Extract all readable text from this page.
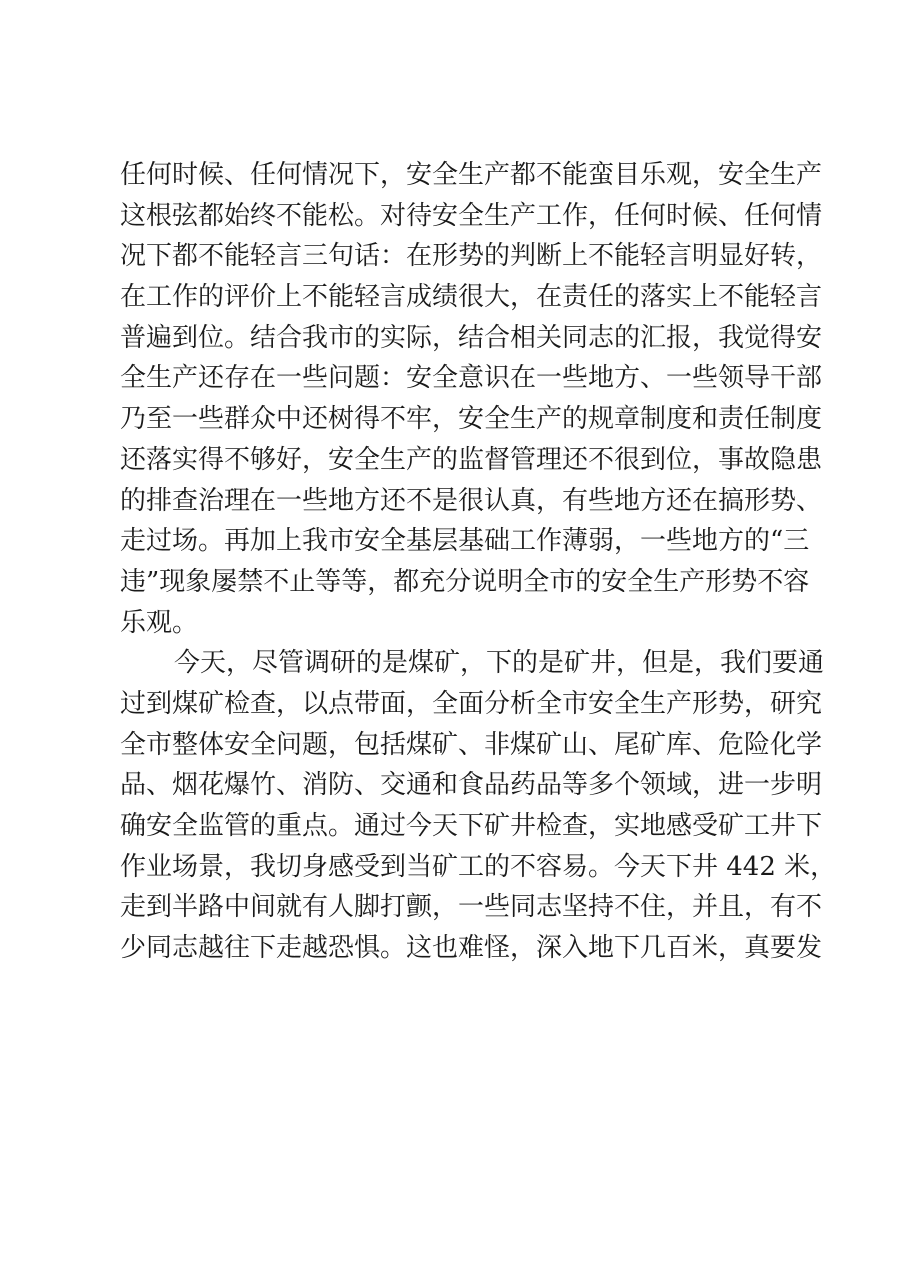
任何时候、任何情况下，安全生产都不能蛮目乐观，安全生产
这根弦都始终不能松。对待安全生产工作，任何时候、任何情
况下都不能轻言三句话：在形势的判断上不能轻言明显好转，
在工作的评价上不能轻言成绩很大，在责任的落实上不能轻言
普遍到位。结合我市的实际，结合相关同志的汇报，我觉得安
全生产还存在一些问题：安全意识在一些地方、一些领导干部
乃至一些群众中还树得不牢，安全生产的规章制度和责任制度
还落实得不够好，安全生产的监督管理还不很到位，事故隐患
的排查治理在一些地方还不是很认真，有些地方还在搞形势、
走过场。再加上我市安全基层基础工作薄弱，一些地方的“三
违”现象屡禁不止等等，都充分说明全市的安全生产形势不容
乐观。
今天，尽管调研的是煤矿，下的是矿井，但是，我们要通
过到煤矿检查，以点带面，全面分析全市安全生产形势，研究
全市整体安全问题，包括煤矿、非煤矿山、尾矿库、危险化学
品、烟花爆竹、消防、交通和食品药品等多个领域，进一步明
确安全监管的重点。通过今天下矿井检查，实地感受矿工井下
作业场景，我切身感受到当矿工的不容易。今天下井 442 米，
走到半路中间就有人脚打颤，一些同志坚持不住，并且，有不
少同志越往下走越恐惧。这也难怪，深入地下几百米，真要发
